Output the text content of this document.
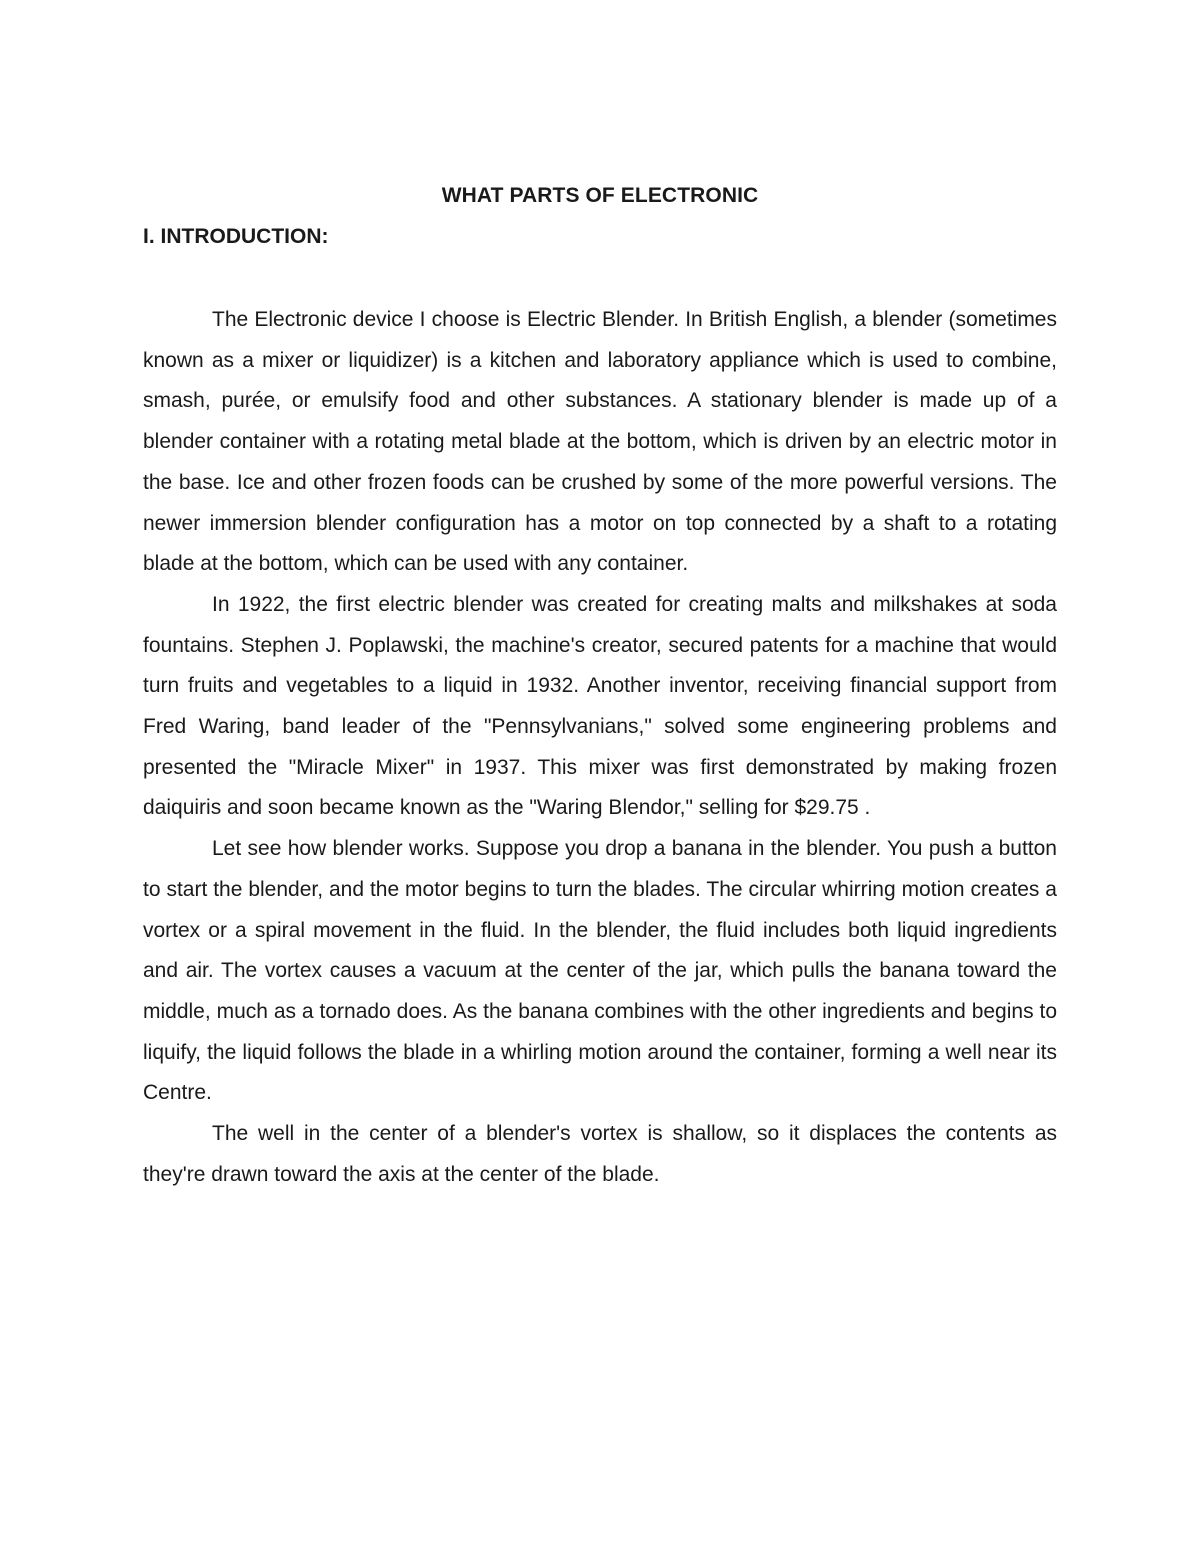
WHAT PARTS OF ELECTRONIC
I. INTRODUCTION:

The Electronic device I choose is Electric Blender. In British English, a blender (sometimes known as a mixer or liquidizer) is a kitchen and laboratory appliance which is used to combine, smash, purée, or emulsify food and other substances. A stationary blender is made up of a blender container with a rotating metal blade at the bottom, which is driven by an electric motor in the base. Ice and other frozen foods can be crushed by some of the more powerful versions. The newer immersion blender configuration has a motor on top connected by a shaft to a rotating blade at the bottom, which can be used with any container.

In 1922, the first electric blender was created for creating malts and milkshakes at soda fountains. Stephen J. Poplawski, the machine's creator, secured patents for a machine that would turn fruits and vegetables to a liquid in 1932. Another inventor, receiving financial support from Fred Waring, band leader of the "Pennsylvanians," solved some engineering problems and presented the "Miracle Mixer" in 1937. This mixer was first demonstrated by making frozen daiquiris and soon became known as the "Waring Blendor," selling for $29.75 .

Let see how blender works. Suppose you drop a banana in the blender. You push a button to start the blender, and the motor begins to turn the blades. The circular whirring motion creates a vortex or a spiral movement in the fluid. In the blender, the fluid includes both liquid ingredients and air. The vortex causes a vacuum at the center of the jar, which pulls the banana toward the middle, much as a tornado does. As the banana combines with the other ingredients and begins to liquify, the liquid follows the blade in a whirling motion around the container, forming a well near its Centre.

The well in the center of a blender's vortex is shallow, so it displaces the contents as they're drawn toward the axis at the center of the blade.
